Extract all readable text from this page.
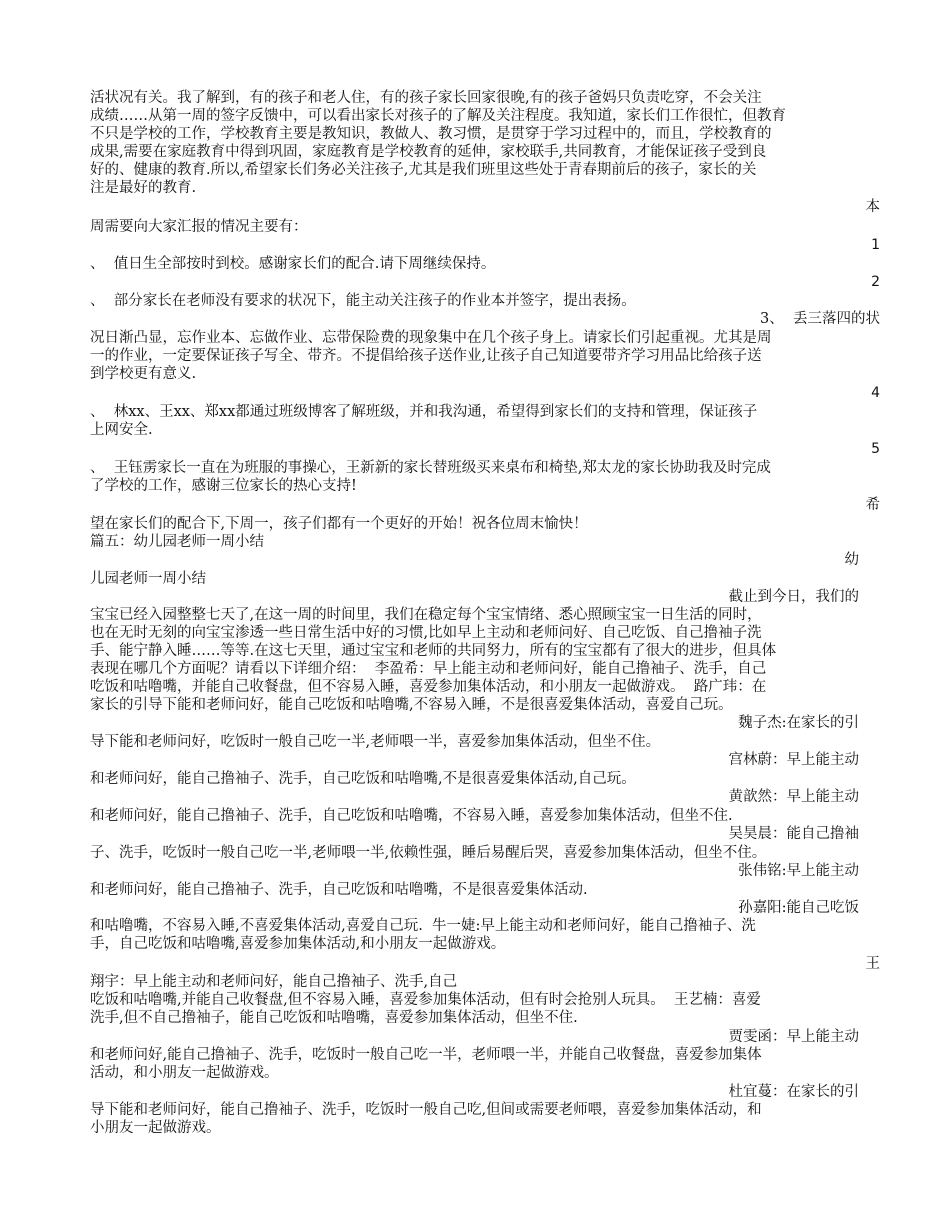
活状况有关。我了解到，有的孩子和老人住，有的孩子家长回家很晚,有的孩子爸妈只负责吃穿，不会关注
成绩……从第一周的签字反馈中，可以看出家长对孩子的了解及关注程度。我知道，家长们工作很忙，但教育
不只是学校的工作，学校教育主要是教知识，教做人、教习惯，是贯穿于学习过程中的，而且，学校教育的
成果,需要在家庭教育中得到巩固，家庭教育是学校教育的延伸，家校联手,共同教育，才能保证孩子受到良
好的、健康的教育.所以,希望家长们务必关注孩子,尤其是我们班里这些处于青春期前后的孩子，家长的关
注是最好的教育.
本
周需要向大家汇报的情况主要有：
1
、  值日生全部按时到校。感谢家长们的配合.请下周继续保持。
2
、  部分家长在老师没有要求的状况下，能主动关注孩子的作业本并签字，提出表扬。
3、  丢三落四的状
况日渐凸显，忘作业本、忘做作业、忘带保险费的现象集中在几个孩子身上。请家长们引起重视。尤其是周
一的作业，一定要保证孩子写全、带齐。不提倡给孩子送作业,让孩子自己知道要带齐学习用品比给孩子送
到学校更有意义.
4
、  林xx、王xx、郑xx都通过班级博客了解班级，并和我沟通，希望得到家长们的支持和管理，保证孩子
上网安全.
5
、  王钰雳家长一直在为班服的事操心，王新新的家长替班级买来桌布和椅垫,郑太龙的家长协助我及时完成
了学校的工作，感谢三位家长的热心支持!
希
望在家长们的配合下,下周一，孩子们都有一个更好的开始！祝各位周末愉快！
篇五：幼儿园老师一周小结
幼
儿园老师一周小结
截止到今日，我们的
宝宝已经入园整整七天了,在这一周的时间里，我们在稳定每个宝宝情绪、悉心照顾宝宝一日生活的同时，
也在无时无刻的向宝宝渗透一些日常生活中好的习惯,比如早上主动和老师问好、自己吃饭、自己撸袖子洗
手、能宁静入睡……等等.在这七天里，通过宝宝和老师的共同努力，所有的宝宝都有了很大的进步，但具体
表现在哪几个方面呢？请看以下详细介绍：  李盈希：早上能主动和老师问好，能自己撸袖子、洗手，自己
吃饭和咕噜嘴，并能自己收餐盘，但不容易入睡，喜爱参加集体活动，和小朋友一起做游戏。  路广玮：在
家长的引导下能和老师问好，能自己吃饭和咕噜嘴,不容易入睡，不是很喜爱集体活动，喜爱自己玩。
魏子杰:在家长的引
导下能和老师问好，吃饭时一般自己吃一半,老师喂一半，喜爱参加集体活动，但坐不住。
宫林蔚：早上能主动
和老师问好，能自己撸袖子、洗手，自己吃饭和咕噜嘴,不是很喜爱集体活动,自己玩。
黄歆然：早上能主动
和老师问好，能自己撸袖子、洗手，自己吃饭和咕噜嘴，不容易入睡，喜爱参加集体活动，但坐不住.
吴昊晨：能自己撸袖
子、洗手，吃饭时一般自己吃一半,老师喂一半,依赖性强，睡后易醒后哭，喜爱参加集体活动，但坐不住。
张伟铭:早上能主动
和老师问好，能自己撸袖子、洗手，自己吃饭和咕噜嘴，不是很喜爱集体活动.
孙嘉阳:能自己吃饭
和咕噜嘴，不容易入睡,不喜爱集体活动,喜爱自己玩.  牛一婕:早上能主动和老师问好，能自己撸袖子、洗
手，自己吃饭和咕噜嘴,喜爱参加集体活动,和小朋友一起做游戏。
王
翔宇：早上能主动和老师问好，能自己撸袖子、洗手,自己
吃饭和咕噜嘴,并能自己收餐盘,但不容易入睡，喜爱参加集体活动，但有时会抢别人玩具。  王艺楠：喜爱
洗手,但不自己撸袖子，能自己吃饭和咕噜嘴，喜爱参加集体活动，但坐不住.
贾雯函：早上能主动
和老师问好,能自己撸袖子、洗手，吃饭时一般自己吃一半，老师喂一半，并能自己收餐盘，喜爱参加集体
活动，和小朋友一起做游戏。
杜宜蔓：在家长的引
导下能和老师问好，能自己撸袖子、洗手，吃饭时一般自己吃,但间或需要老师喂，喜爱参加集体活动，和
小朋友一起做游戏。
